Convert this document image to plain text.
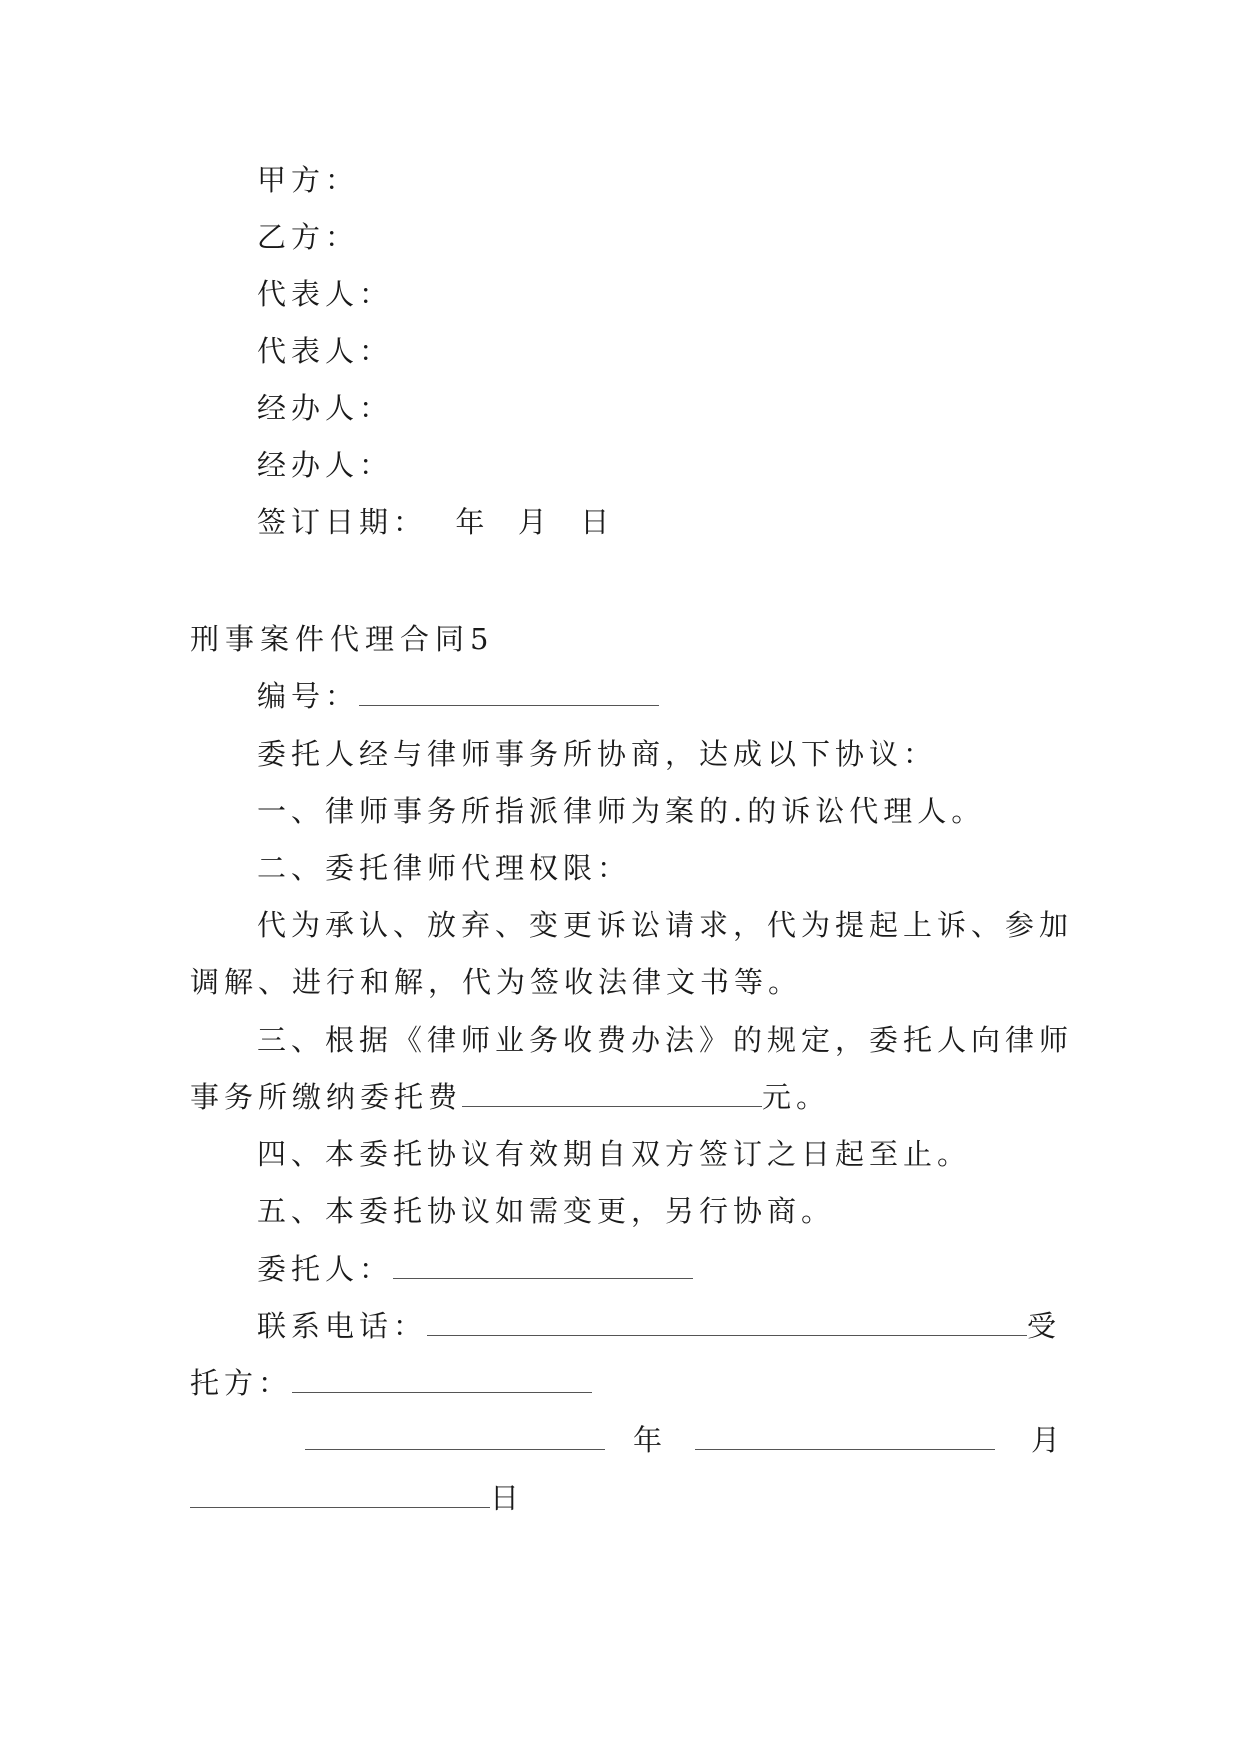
甲方：
乙方：
代表人：
代表人：
经办人：
经办人：
签订日期：  年  月  日
刑事案件代理合同5
编号：
委托人经与律师事务所协商，达成以下协议：
一、律师事务所指派律师为案的.的诉讼代理人。
二、委托律师代理权限：
代为承认、放弃、变更诉讼请求，代为提起上诉、参加
调解、进行和解，代为签收法律文书等。
三、根据《律师业务收费办法》的规定，委托人向律师
事务所缴纳委托费	元。
四、本委托协议有效期自双方签订之日起至止。
五、本委托协议如需变更，另行协商。
委托人：
联系电话：	受
托方：
年	月
日
